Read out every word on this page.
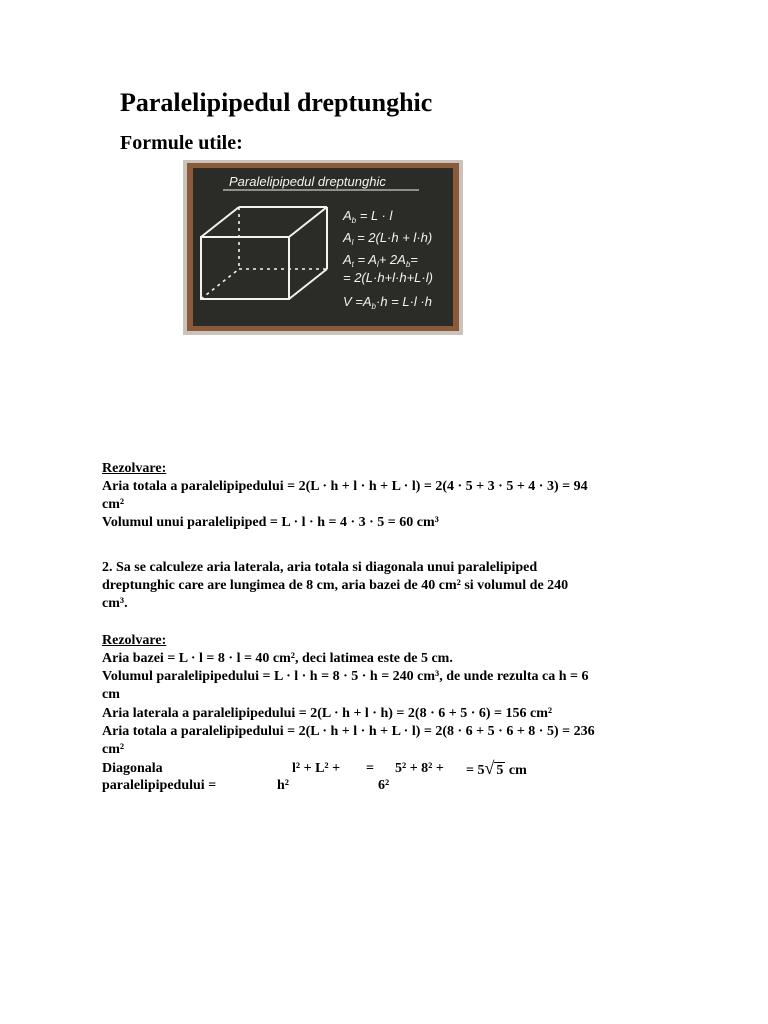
Paralelipipedul dreptunghic
Formule utile:
Paralelipipedul dreptunghic
$A_b = L \cdot l$
$A_l = 2(L\cdot h + l\cdot h)$
$A_t = A_l+ 2A_b=$
= 2(L·h+l·h+L·l)
$V =A_b\cdot h = L\cdot l \cdot h$
Rezolvare:
Aria totala a paralelipipedului = 2(L · h + l · h + L · l) = 2(4 · 5 + 3 · 5 + 4 · 3) = 94
cm²
Volumul unui paralelipiped = L · l · h = 4 · 3 · 5 = 60 cm³
2. Sa se calculeze aria laterala, aria totala si diagonala unui paralelipiped
dreptunghic care are lungimea de 8 cm, aria bazei de 40 cm² si volumul de 240
cm³.
Rezolvare:
Aria bazei = L · l = 8 · l = 40 cm², deci latimea este de 5 cm.
Volumul paralelipipedului = L · l · h = 8 · 5 · h = 240 cm³, de unde rezulta ca h = 6
cm
Aria laterala a paralelipipedului = 2(L · h + l · h) = 2(8 · 6 + 5 · 6) = 156 cm²
Aria totala a paralelipipedului = 2(L · h + l · h + L · l) = 2(8 · 6 + 5 · 6 + 8 · 5) = 236
cm²
Diagonala
paralelipipedului =
l² + L² +
h²
= 5² + 8² +
6²
= 5√ 5 cm
